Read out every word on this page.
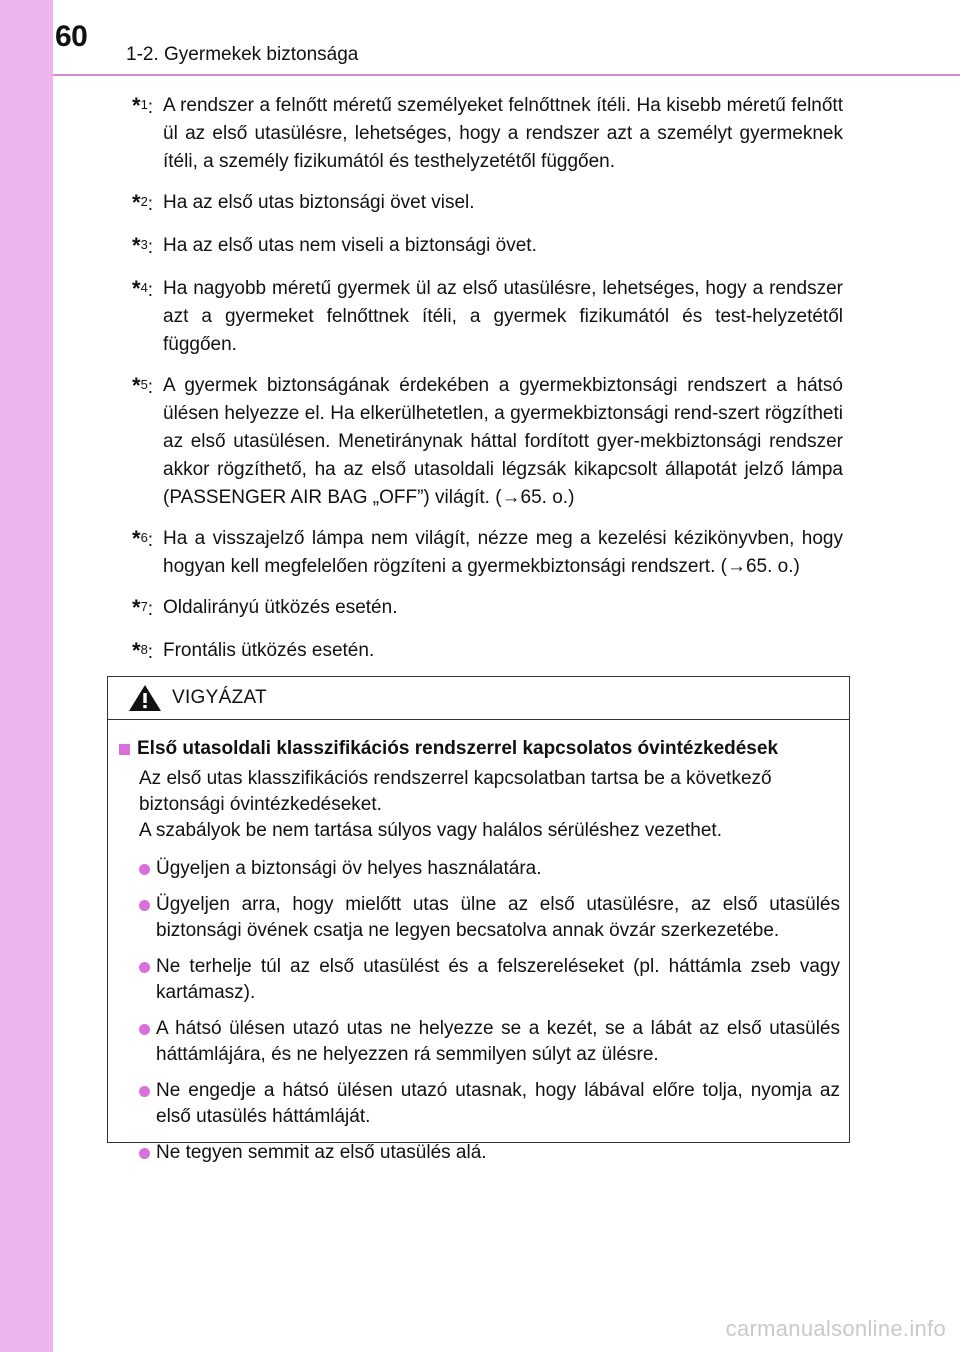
60
1-2. Gyermekek biztonsága
*$^1$: A rendszer a felnőtt méretű személyeket felnőttnek ítéli. Ha kisebb méretű felnőtt ül az első utasülésre, lehetséges, hogy a rendszer azt a személyt gyermeknek ítéli, a személy fizikumától és testhelyzetétől függően.
*$^2$: Ha az első utas biztonsági övet visel.
*$^3$: Ha az első utas nem viseli a biztonsági övet.
*$^4$: Ha nagyobb méretű gyermek ül az első utasülésre, lehetséges, hogy a rendszer azt a gyermeket felnőttnek ítéli, a gyermek fizikumától és test-helyzetétől függően.
*$^5$: A gyermek biztonságának érdekében a gyermekbiztonsági rendszert a hátsó ülésen helyezze el. Ha elkerülhetetlen, a gyermekbiztonsági rend-szert rögzítheti az első utasülésen. Menetiránynak háttal fordított gyer-mekbiztonsági rendszer akkor rögzíthető, ha az első utasoldali légzsák kikapcsolt állapotát jelző lámpa (PASSENGER AIR BAG „OFF”) világít. (→65. o.)
*$^6$: Ha a visszajelző lámpa nem világít, nézze meg a kezelési kézikönyvben, hogy hogyan kell megfelelően rögzíteni a gyermekbiztonsági rendszert. (→65. o.)
*$^7$: Oldalirányú ütközés esetén.
*$^8$: Frontális ütközés esetén.
VIGYÁZAT
Első utasoldali klasszifikációs rendszerrel kapcsolatos óvintézkedések
Az első utas klasszifikációs rendszerrel kapcsolatban tartsa be a következő biztonsági óvintézkedéseket.
A szabályok be nem tartása súlyos vagy halálos sérüléshez vezethet.
Ügyeljen a biztonsági öv helyes használatára.
Ügyeljen arra, hogy mielőtt utas ülne az első utasülésre, az első utasülés biztonsági övének csatja ne legyen becsatolva annak övzár szerkezetébe.
Ne terhelje túl az első utasülést és a felszereléseket (pl. háttámla zseb vagy kartámasz).
A hátsó ülésen utazó utas ne helyezze se a kezét, se a lábát az első utasülés háttámlájára, és ne helyezzen rá semmilyen súlyt az ülésre.
Ne engedje a hátsó ülésen utazó utasnak, hogy lábával előre tolja, nyomja az első utasülés háttámláját.
Ne tegyen semmit az első utasülés alá.
carmanualsonline.info
